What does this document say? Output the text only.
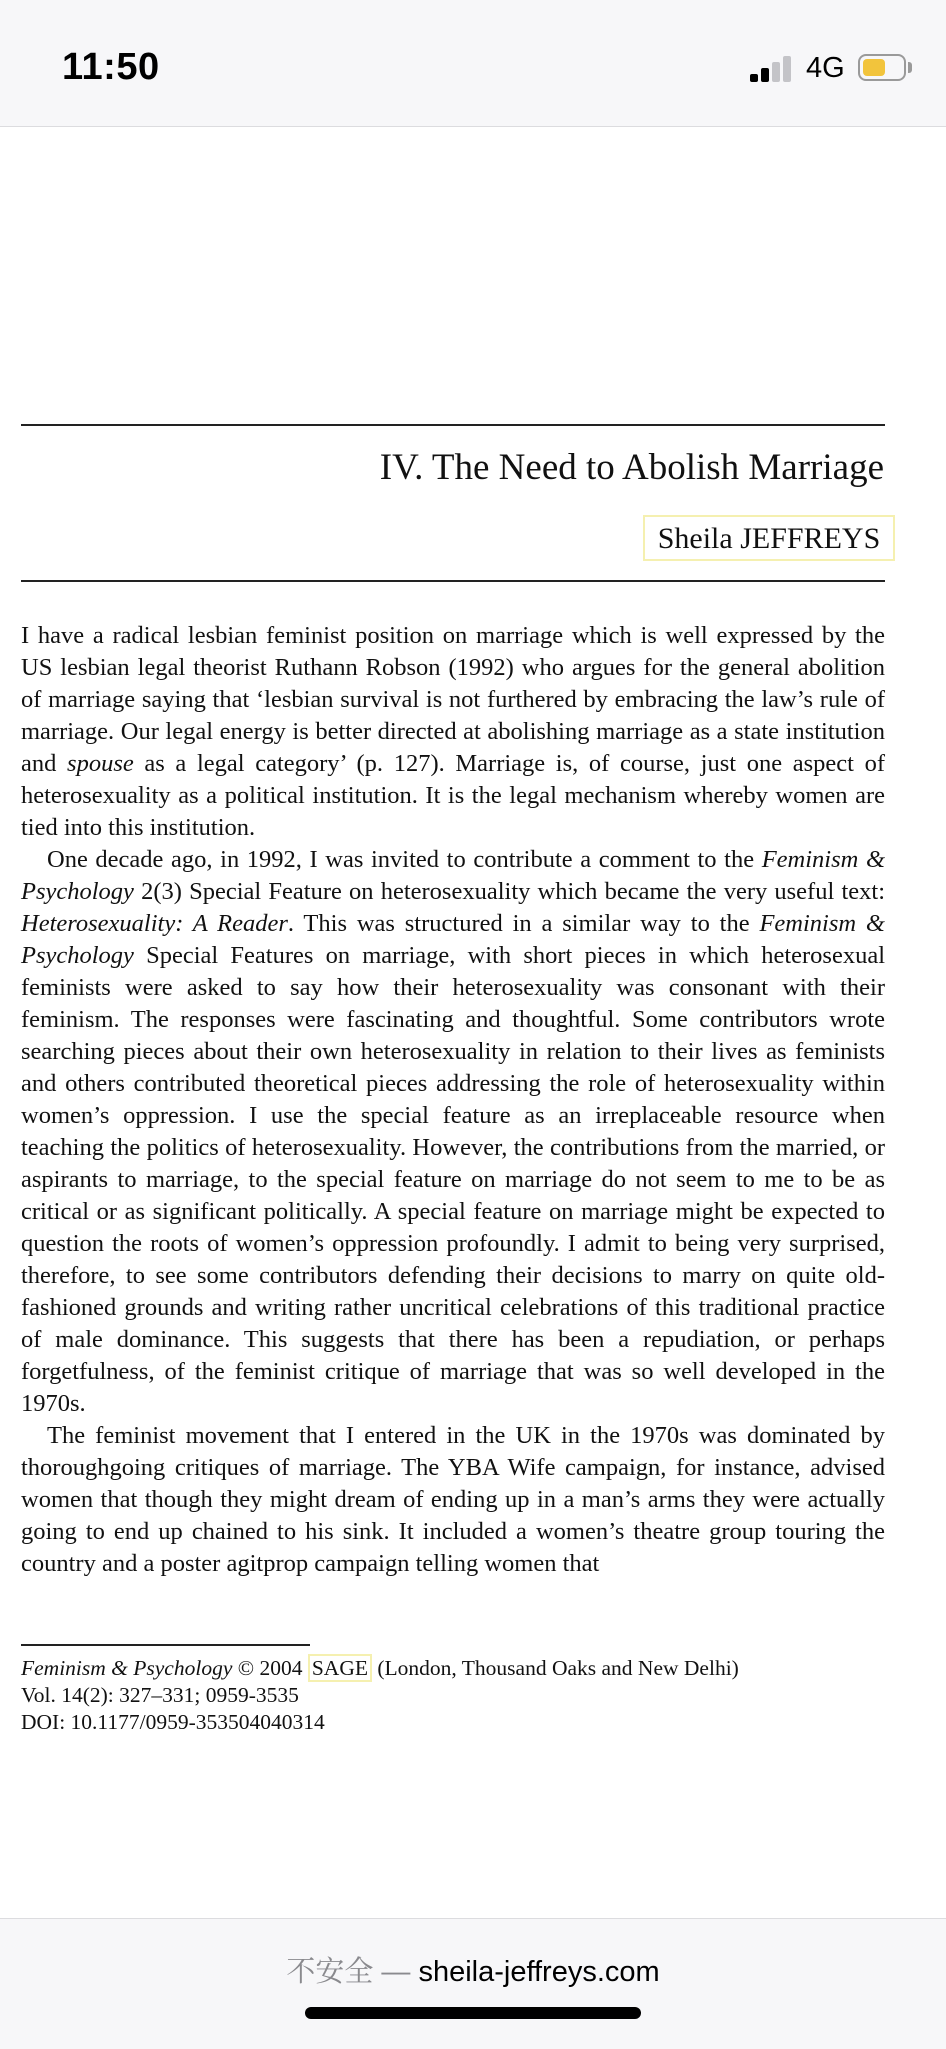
11:50	4G
IV. The Need to Abolish Marriage
Sheila JEFFREYS

I have a radical lesbian feminist position on marriage which is well expressed by the US lesbian legal theorist Ruthann Robson (1992) who argues for the general abolition of marriage saying that ‘lesbian survival is not furthered by embracing the law’s rule of marriage. Our legal energy is better directed at abolishing marriage as a state institution and spouse as a legal category’ (p. 127). Marriage is, of course, just one aspect of heterosexuality as a political institution. It is the legal mechanism whereby women are tied into this institution.

One decade ago, in 1992, I was invited to contribute a comment to the Feminism & Psychology 2(3) Special Feature on heterosexuality which became the very useful text: Heterosexuality: A Reader. This was structured in a similar way to the Feminism & Psychology Special Features on marriage, with short pieces in which heterosexual feminists were asked to say how their heterosexuality was consonant with their feminism. The responses were fascinating and thoughtful. Some contributors wrote searching pieces about their own heterosexuality in relation to their lives as feminists and others contributed theoretical pieces addressing the role of heterosexuality within women’s oppression. I use the special feature as an irreplaceable resource when teaching the politics of heterosexuality. However, the contributions from the married, or aspirants to marriage, to the special feature on marriage do not seem to me to be as critical or as significant politically. A special feature on marriage might be expected to question the roots of women’s oppression profoundly. I admit to being very surprised, therefore, to see some contributors defending their decisions to marry on quite old-fashioned grounds and writing rather uncritical celebrations of this traditional practice of male dominance. This suggests that there has been a repudiation, or perhaps forgetfulness, of the feminist critique of marriage that was so well developed in the 1970s.

The feminist movement that I entered in the UK in the 1970s was dominated by thoroughgoing critiques of marriage. The YBA Wife campaign, for instance, advised women that though they might dream of ending up in a man’s arms they were actually going to end up chained to his sink. It included a women’s theatre group touring the country and a poster agitprop campaign telling women that

Feminism & Psychology © 2004 SAGE (London, Thousand Oaks and New Delhi)
Vol. 14(2): 327–331; 0959-3535
DOI: 10.1177/0959-353504040314
不安全 — sheila-jeffreys.com
